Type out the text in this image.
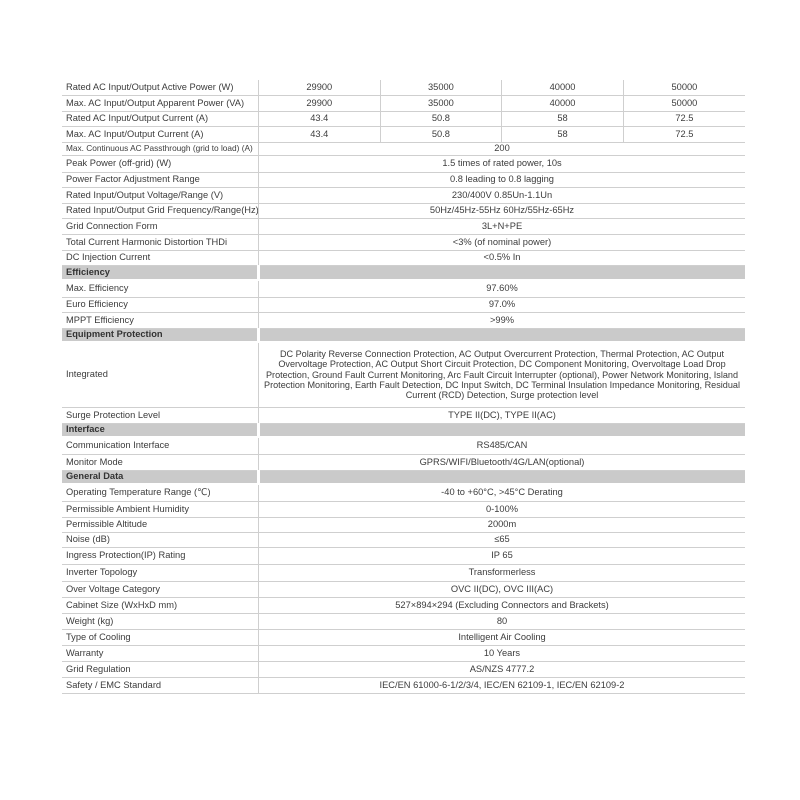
Rated AC Input/Output Active Power (W)	29900	35000	40000	50000
Max. AC Input/Output Apparent Power (VA)	29900	35000	40000	50000
Rated AC Input/Output Current (A)	43.4	50.8	58	72.5
Max. AC Input/Output Current (A)	43.4	50.8	58	72.5
Max. Continuous AC Passthrough (grid to load) (A)	200			
Peak Power (off-grid) (W)	1.5 times of rated power, 10s			
Power Factor Adjustment Range	0.8 leading to 0.8 lagging			
Rated Input/Output Voltage/Range (V)	230/400V 0.85Un-1.1Un			
Rated Input/Output Grid Frequency/Range(Hz)	50Hz/45Hz-55Hz 60Hz/55Hz-65Hz			
Grid Connection Form	3L+N+PE			
Total Current Harmonic Distortion THDi	<3% (of nominal power)			
DC Injection Current	<0.5% In			
Efficiency				
Max. Efficiency	97.60%			
Euro Efficiency	97.0%			
MPPT Efficiency	>99%			
Equipment Protection				
Integrated	DC Polarity Reverse Connection Protection, AC Output Overcurrent Protection, Thermal Protection, AC Output Overvoltage Protection, AC Output Short Circuit Protection, DC Component Monitoring, Overvoltage Load Drop Protection, Ground Fault Current Monitoring, Arc Fault Circuit Interrupter (optional), Power Network Monitoring, Island Protection Monitoring, Earth Fault Detection, DC Input Switch, DC Terminal Insulation Impedance Monitoring, Residual Current (RCD) Detection, Surge protection level			
Surge Protection Level	TYPE II(DC), TYPE II(AC)			
Interface				
Communication Interface	RS485/CAN			
Monitor Mode	GPRS/WIFI/Bluetooth/4G/LAN(optional)			
General Data				
Operating Temperature Range (℃)	-40 to +60°C, >45°C Derating			
Permissible Ambient Humidity	0-100%			
Permissible Altitude	2000m			
Noise (dB)	≤65			
Ingress Protection(IP) Rating	IP 65			
Inverter Topology	Transformerless			
Over Voltage Category	OVC II(DC), OVC III(AC)			
Cabinet Size (WxHxD mm)	527×894×294 (Excluding Connectors and Brackets)			
Weight (kg)	80			
Type of Cooling	Intelligent Air Cooling			
Warranty	10 Years			
Grid Regulation	AS/NZS 4777.2			
Safety / EMC Standard	IEC/EN 61000-6-1/2/3/4, IEC/EN 62109-1, IEC/EN 62109-2			
